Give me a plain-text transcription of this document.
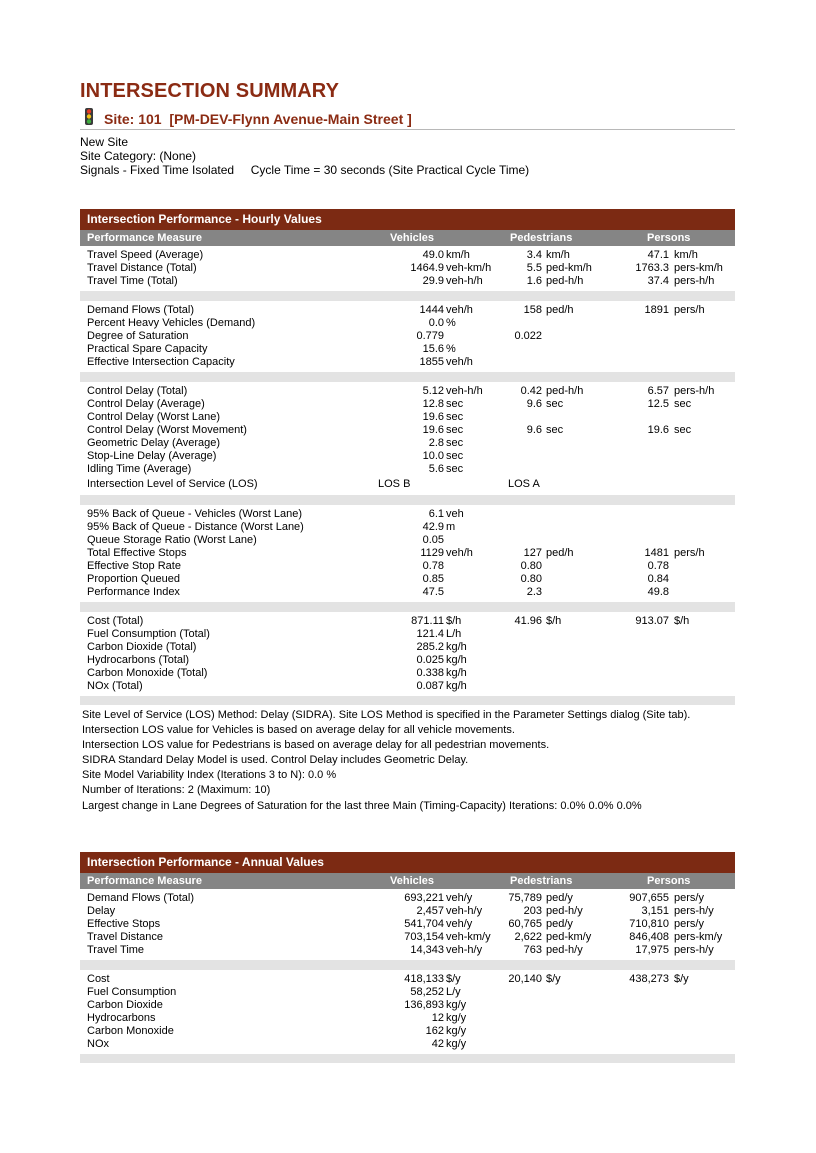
INTERSECTION SUMMARY
Site: 101  [PM-DEV-Flynn Avenue-Main Street ]
New Site
Site Category: (None)
Signals - Fixed Time Isolated     Cycle Time = 30 seconds (Site Practical Cycle Time)
Intersection Performance - Hourly Values
Performance Measure	Vehicles	Pedestrians	Persons
Travel Speed (Average)	49.0 km/h	3.4 km/h	47.1 km/h
Travel Distance (Total)	1464.9 veh-km/h	5.5 ped-km/h	1763.3 pers-km/h
Travel Time (Total)	29.9 veh-h/h	1.6 ped-h/h	37.4 pers-h/h
Demand Flows (Total)	1444 veh/h	158 ped/h	1891 pers/h
Percent Heavy Vehicles (Demand)	0.0 %
Degree of Saturation	0.779	0.022
Practical Spare Capacity	15.6 %
Effective Intersection Capacity	1855 veh/h
Control Delay (Total)	5.12 veh-h/h	0.42 ped-h/h	6.57 pers-h/h
Control Delay (Average)	12.8 sec	9.6 sec	12.5 sec
Control Delay (Worst Lane)	19.6 sec
Control Delay (Worst Movement)	19.6 sec	9.6 sec	19.6 sec
Geometric Delay (Average)	2.8 sec
Stop-Line Delay (Average)	10.0 sec
Idling Time (Average)	5.6 sec
Intersection Level of Service (LOS)	LOS B	LOS A
95% Back of Queue - Vehicles (Worst Lane)	6.1 veh
95% Back of Queue - Distance (Worst Lane)	42.9 m
Queue Storage Ratio (Worst Lane)	0.05
Total Effective Stops	1129 veh/h	127 ped/h	1481 pers/h
Effective Stop Rate	0.78	0.80	0.78
Proportion Queued	0.85	0.80	0.84
Performance Index	47.5	2.3	49.8
Cost (Total)	871.11 $/h	41.96 $/h	913.07 $/h
Fuel Consumption (Total)	121.4 L/h
Carbon Dioxide (Total)	285.2 kg/h
Hydrocarbons (Total)	0.025 kg/h
Carbon Monoxide (Total)	0.338 kg/h
NOx (Total)	0.087 kg/h
Site Level of Service (LOS) Method: Delay (SIDRA). Site LOS Method is specified in the Parameter Settings dialog (Site tab).
Intersection LOS value for Vehicles is based on average delay for all vehicle movements.
Intersection LOS value for Pedestrians is based on average delay for all pedestrian movements.
SIDRA Standard Delay Model is used. Control Delay includes Geometric Delay.
Site Model Variability Index (Iterations 3 to N): 0.0 %
Number of Iterations: 2 (Maximum: 10)
Largest change in Lane Degrees of Saturation for the last three Main (Timing-Capacity) Iterations: 0.0% 0.0% 0.0%
Intersection Performance - Annual Values
Performance Measure	Vehicles	Pedestrians	Persons
Demand Flows (Total)	693,221 veh/y	75,789 ped/y	907,655 pers/y
Delay	2,457 veh-h/y	203 ped-h/y	3,151 pers-h/y
Effective Stops	541,704 veh/y	60,765 ped/y	710,810 pers/y
Travel Distance	703,154 veh-km/y 2,622 ped-km/y	846,408 pers-km/y
Travel Time	14,343 veh-h/y	763 ped-h/y	17,975 pers-h/y
Cost	418,133 $/y	20,140 $/y	438,273 $/y
Fuel Consumption	58,252 L/y
Carbon Dioxide	136,893 kg/y
Hydrocarbons	12 kg/y
Carbon Monoxide	162 kg/y
NOx	42 kg/y
